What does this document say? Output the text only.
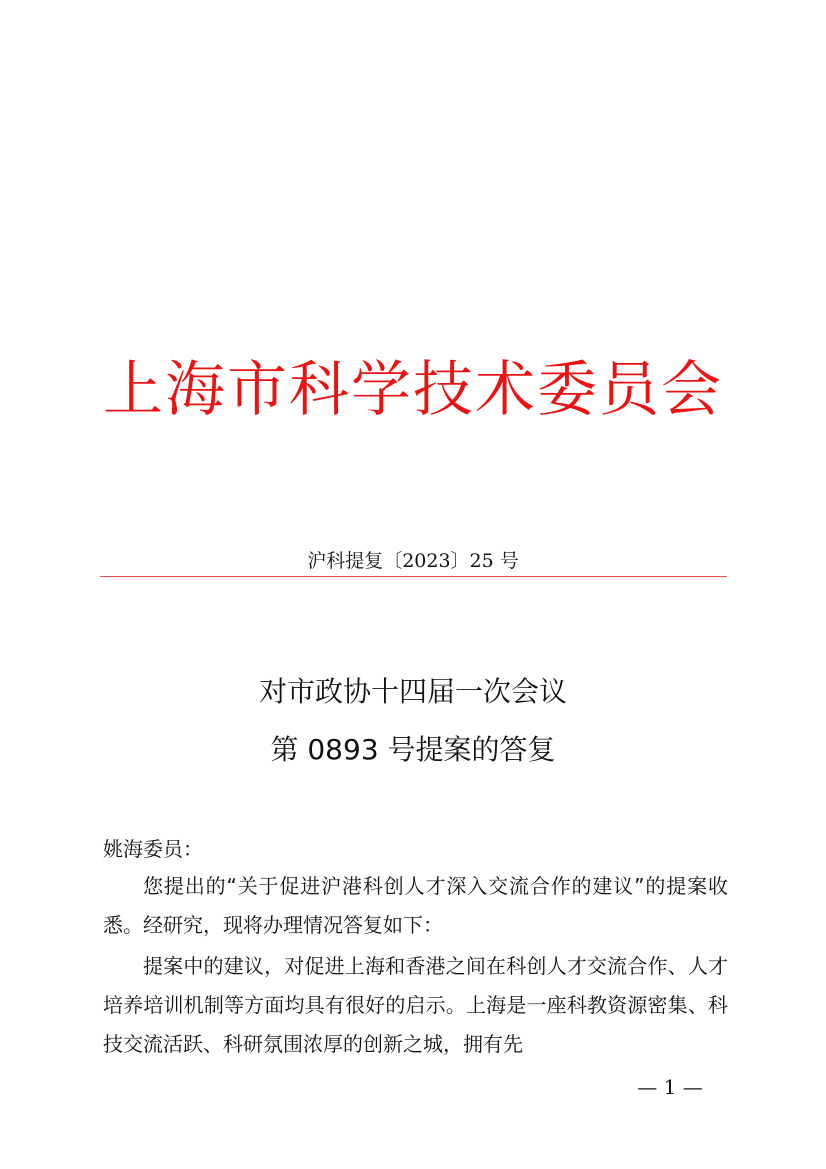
上海市科学技术委员会
沪科提复〔2023〕25 号
对市政协十四届一次会议
第 0893 号提案的答复
姚海委员：
您提出的“关于促进沪港科创人才深入交流合作的建议”的提案收悉。经研究，现将办理情况答复如下：
提案中的建议，对促进上海和香港之间在科创人才交流合作、人才培养培训机制等方面均具有很好的启示。上海是一座科教资源密集、科技交流活跃、科研氛围浓厚的创新之城，拥有先
— 1 —
